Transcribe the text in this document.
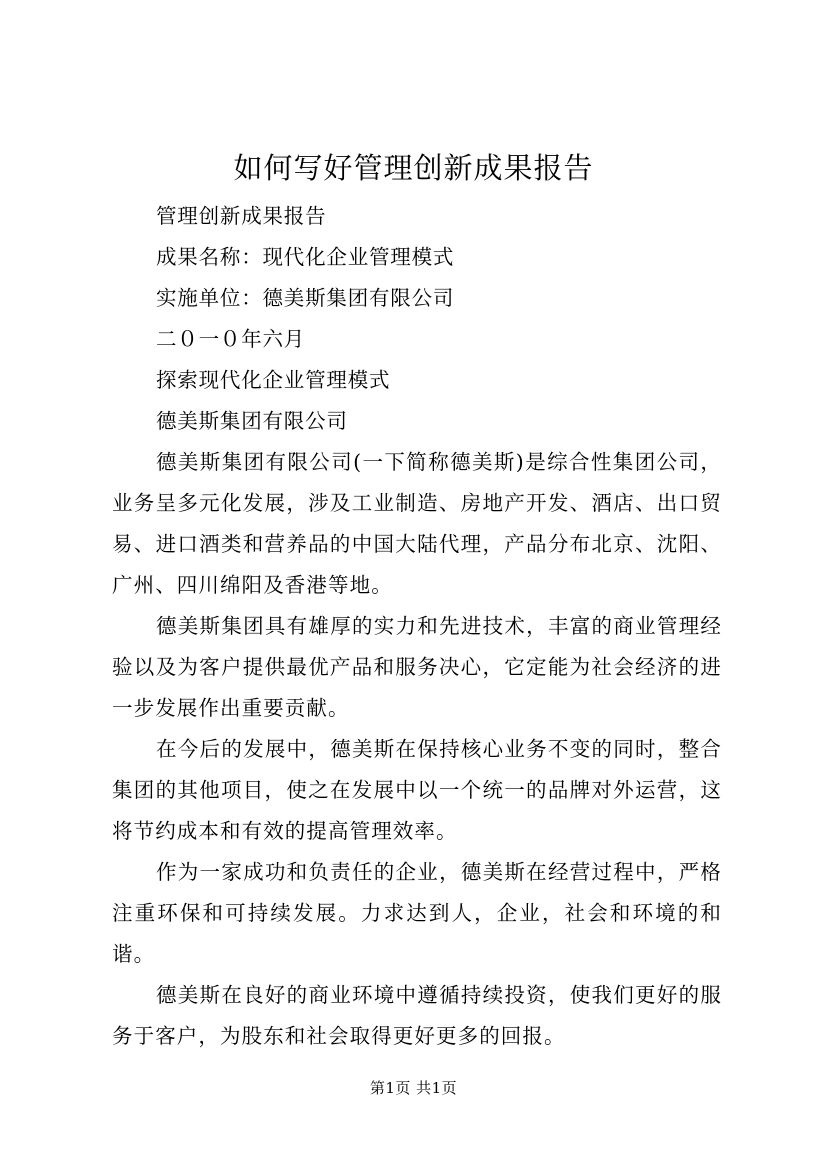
如何写好管理创新成果报告

管理创新成果报告

成果名称：现代化企业管理模式

实施单位：德美斯集团有限公司

二０一０年六月

探索现代化企业管理模式

德美斯集团有限公司

德美斯集团有限公司(一下简称德美斯)是综合性集团公司，业务呈多元化发展，涉及工业制造、房地产开发、酒店、出口贸易、进口酒类和营养品的中国大陆代理，产品分布北京、沈阳、广州、四川绵阳及香港等地。

德美斯集团具有雄厚的实力和先进技术，丰富的商业管理经验以及为客户提供最优产品和服务决心，它定能为社会经济的进一步发展作出重要贡献。

在今后的发展中，德美斯在保持核心业务不变的同时，整合集团的其他项目，使之在发展中以一个统一的品牌对外运营，这将节约成本和有效的提高管理效率。

作为一家成功和负责任的企业，德美斯在经营过程中，严格注重环保和可持续发展。力求达到人，企业，社会和环境的和谐。

德美斯在良好的商业环境中遵循持续投资，使我们更好的服务于客户，为股东和社会取得更好更多的回报。

第1页 共1页
